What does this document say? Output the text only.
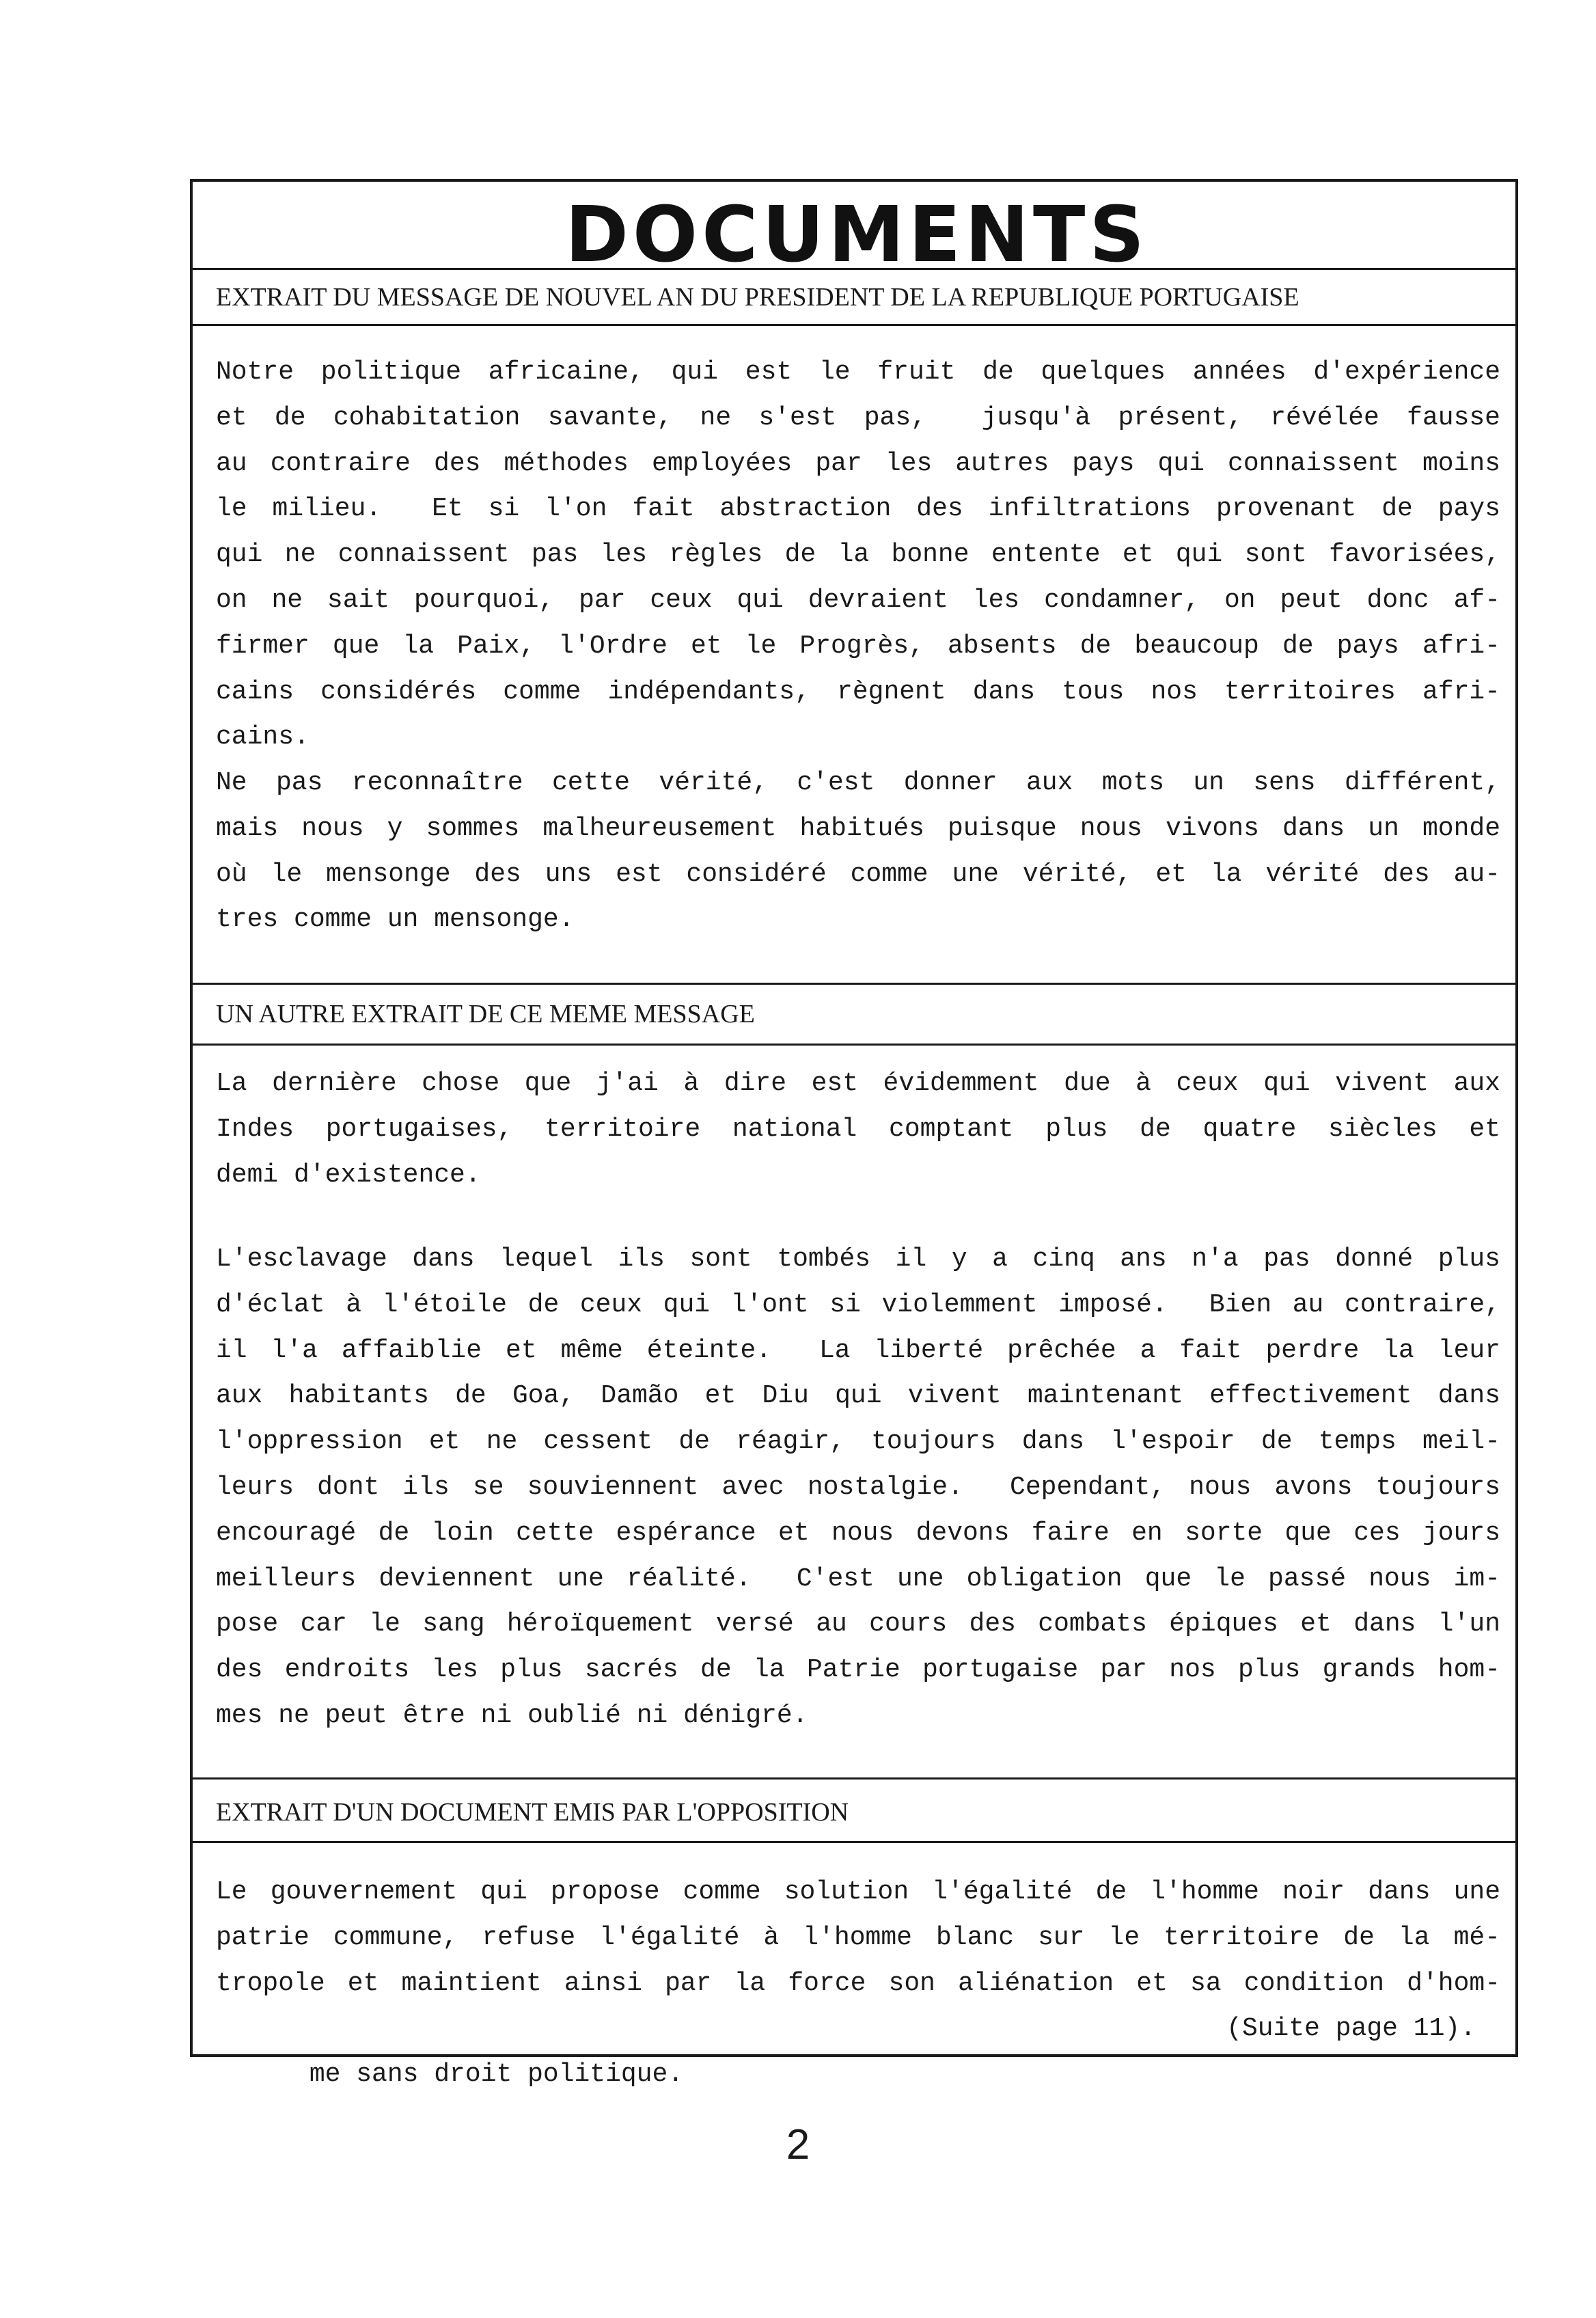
DOCUMENTS
EXTRAIT DU MESSAGE DE NOUVEL AN DU PRESIDENT DE LA REPUBLIQUE PORTUGAISE
Notre politique africaine, qui est le fruit de quelques années d'expérience
et de cohabitation savante, ne s'est pas,  jusqu'à présent, révélée fausse
au contraire des méthodes employées par les autres pays qui connaissent moins
le milieu.  Et si l'on fait abstraction des infiltrations provenant de pays
qui ne connaissent pas les règles de la bonne entente et qui sont favorisées,
on ne sait pourquoi, par ceux qui devraient les condamner, on peut donc af-
firmer que la Paix, l'Ordre et le Progrès, absents de beaucoup de pays afri-
cains considérés comme indépendants, règnent dans tous nos territoires afri-
cains.
Ne pas reconnaître cette vérité, c'est donner aux mots un sens différent,
mais nous y sommes malheureusement habitués puisque nous vivons dans un monde
où le mensonge des uns est considéré comme une vérité, et la vérité des au-
tres comme un mensonge.
UN AUTRE EXTRAIT DE CE MEME MESSAGE
La dernière chose que j'ai à dire est évidemment due à ceux qui vivent aux
Indes portugaises, territoire national comptant plus de quatre siècles et
demi d'existence.
L'esclavage dans lequel ils sont tombés il y a cinq ans n'a pas donné plus
d'éclat à l'étoile de ceux qui l'ont si violemment imposé.  Bien au contraire,
il l'a affaiblie et même éteinte.  La liberté prêchée a fait perdre la leur
aux habitants de Goa, Damão et Diu qui vivent maintenant effectivement dans
l'oppression et ne cessent de réagir, toujours dans l'espoir de temps meil-
leurs dont ils se souviennent avec nostalgie.  Cependant, nous avons toujours
encouragé de loin cette espérance et nous devons faire en sorte que ces jours
meilleurs deviennent une réalité.  C'est une obligation que le passé nous im-
pose car le sang héroïquement versé au cours des combats épiques et dans l'un
des endroits les plus sacrés de la Patrie portugaise par nos plus grands hom-
mes ne peut être ni oublié ni dénigré.
EXTRAIT D'UN DOCUMENT EMIS PAR L'OPPOSITION
Le gouvernement qui propose comme solution l'égalité de l'homme noir dans une
patrie commune, refuse l'égalité à l'homme blanc sur le territoire de la mé-
tropole et maintient ainsi par la force son aliénation et sa condition d'hom-

me sans droit politique.

(Suite page 11).

2
